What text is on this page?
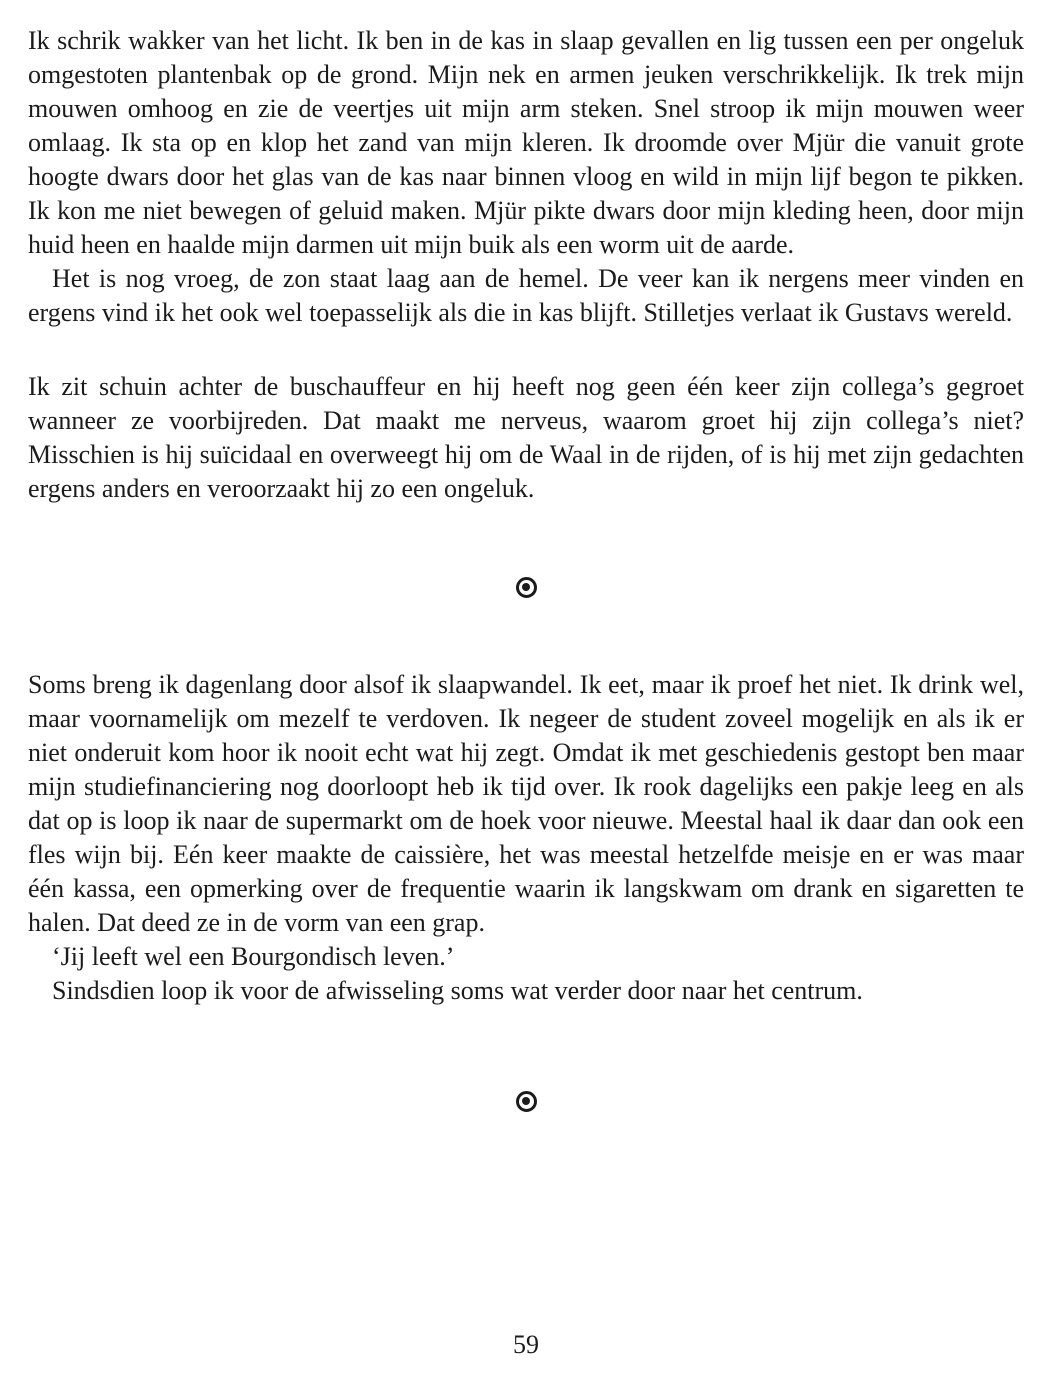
Ik schrik wakker van het licht. Ik ben in de kas in slaap gevallen en lig tussen een per ongeluk omgestoten plantenbak op de grond. Mijn nek en armen jeuken verschrikkelijk. Ik trek mijn mouwen omhoog en zie de veertjes uit mijn arm steken. Snel stroop ik mijn mouwen weer omlaag. Ik sta op en klop het zand van mijn kleren. Ik droomde over Mjür die vanuit grote hoogte dwars door het glas van de kas naar binnen vloog en wild in mijn lijf begon te pikken. Ik kon me niet bewegen of geluid maken. Mjür pikte dwars door mijn kleding heen, door mijn huid heen en haalde mijn darmen uit mijn buik als een worm uit de aarde.

Het is nog vroeg, de zon staat laag aan de hemel. De veer kan ik nergens meer vinden en ergens vind ik het ook wel toepasselijk als die in kas blijft. Stilletjes verlaat ik Gustavs wereld.

Ik zit schuin achter de buschauffeur en hij heeft nog geen één keer zijn collega’s gegroet wanneer ze voorbijreden. Dat maakt me nerveus, waarom groet hij zijn collega’s niet? Misschien is hij suïcidaal en overweegt hij om de Waal in de rijden, of is hij met zijn gedachten ergens anders en veroorzaakt hij zo een ongeluk.

Soms breng ik dagenlang door alsof ik slaapwandel. Ik eet, maar ik proef het niet. Ik drink wel, maar voornamelijk om mezelf te verdoven. Ik negeer de student zoveel mogelijk en als ik er niet onderuit kom hoor ik nooit echt wat hij zegt. Omdat ik met geschiedenis gestopt ben maar mijn studiefinanciering nog doorloopt heb ik tijd over. Ik rook dagelijks een pakje leeg en als dat op is loop ik naar de supermarkt om de hoek voor nieuwe. Meestal haal ik daar dan ook een fles wijn bij. Eén keer maakte de caissière, het was meestal hetzelfde meisje en er was maar één kassa, een opmerking over de frequentie waarin ik langskwam om drank en sigaretten te halen. Dat deed ze in de vorm van een grap.

‘Jij leeft wel een Bourgondisch leven.’

Sindsdien loop ik voor de afwisseling soms wat verder door naar het centrum.

59
